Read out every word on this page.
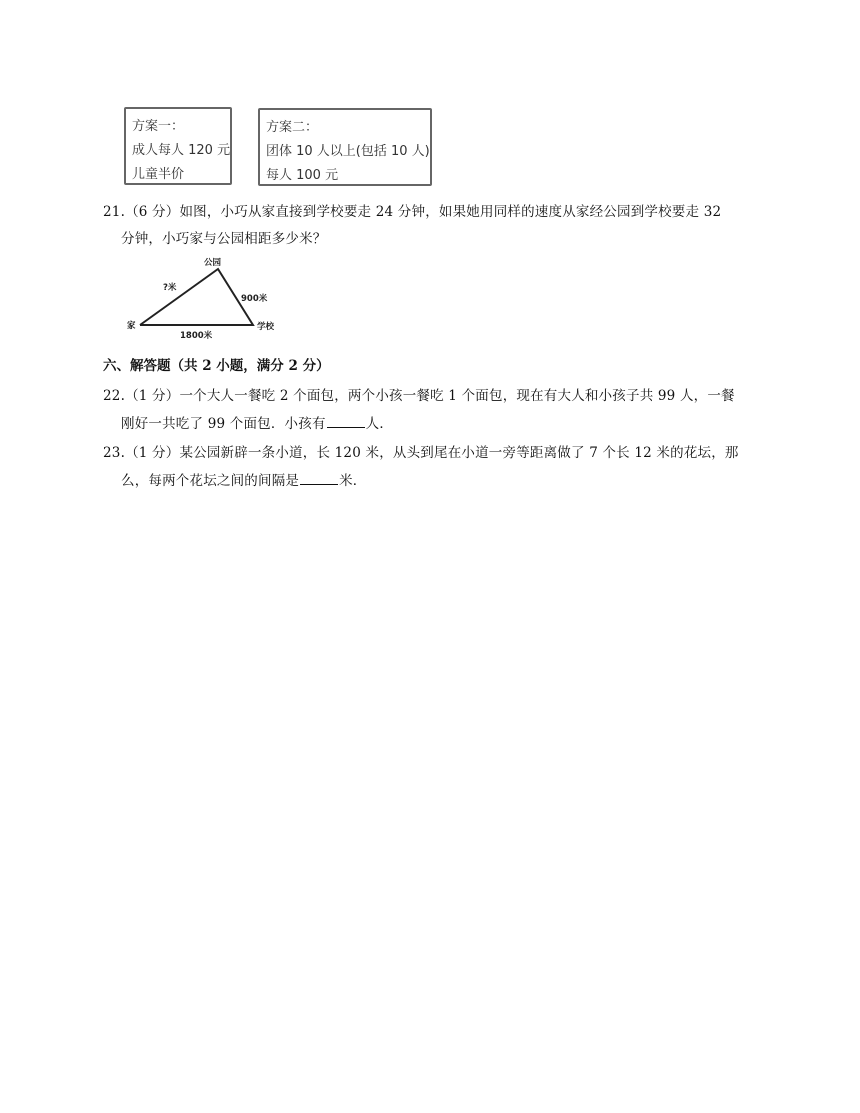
方案一：
成人每人 120 元
儿童半价
方案二：
团体 10 人以上(包括 10 人)
每人 100 元
21.（6 分）如图，小巧从家直接到学校要走 24 分钟，如果她用同样的速度从家经公园到学校要走 32
分钟，小巧家与公园相距多少米？
公园
家	学校
?米
900米
1800米
六、解答题（共 2 小题，满分 2 分）
22.（1 分）一个大人一餐吃 2 个面包，两个小孩一餐吃 1 个面包，现在有大人和小孩子共 99 人，一餐
刚好一共吃了 99 个面包．小孩有	人．
23.（1 分）某公园新辟一条小道，长 120 米，从头到尾在小道一旁等距离做了 7 个长 12 米的花坛，那
么，每两个花坛之间的间隔是	米．
